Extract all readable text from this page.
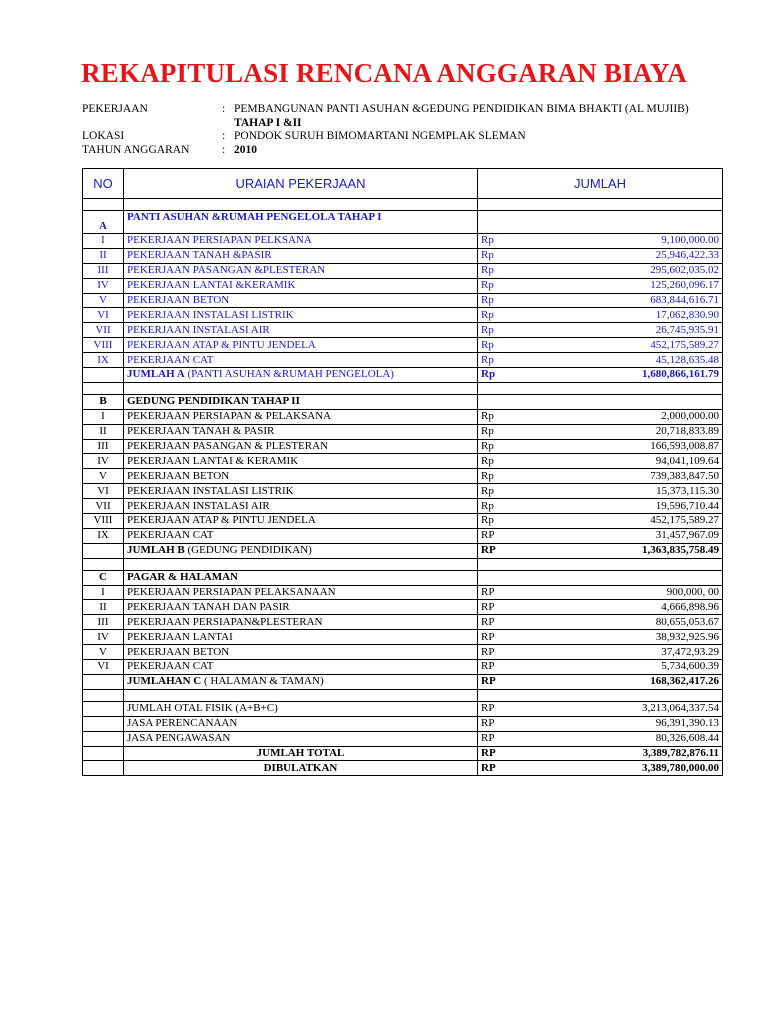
REKAPITULASI RENCANA ANGGARAN BIAYA
PEKERJAAN	: PEMBANGUNAN PANTI ASUHAN &GEDUNG PENDIDIKAN BIMA BHAKTI (AL MUJIIB)
TAHAP I &II
LOKASI	: PONDOK SURUH BIMOMARTANI NGEMPLAK SLEMAN
TAHUN ANGGARAN	: 2010
NO	URAIAN PEKERJAAN	JUMLAH

A	PANTI ASUHAN &RUMAH PENGELOLA TAHAP I	
I	PEKERJAAN PERSIAPAN PELKSANA	Rp 9,100,000.00

II	PEKERJAAN TANAH &PASIR	Rp 25,946,422.33

III	PEKERJAAN PASANGAN &PLESTERAN	Rp 295,602,035.02

IV	PEKERJAAN LANTAI &KERAMIK	Rp 125,260,096.17

V	PEKERJAAN BETON	Rp 683,844,616.71

VI	PEKERJAAN INSTALASI LISTRIK	Rp 17,062,830.90

VII	PEKERJAAN INSTALASI AIR	Rp 26,745,935.91

VIII	PEKERJAAN ATAP & PINTU JENDELA	Rp 452,175,589.27

IX	PEKERJAAN CAT	Rp 45,128,635.48

	JUMLAH A (PANTI ASUHAN &RUMAH PENGELOLA)	Rp 1,680,866,161.79

B	GEDUNG PENDIDIKAN TAHAP II	
I	PEKERJAAN PERSIAPAN & PELAKSANA	Rp 2,000,000.00

II	PEKERJAAN TANAH & PASIR	Rp 20,718,833.89

III	PEKERJAAN PASANGAN & PLESTERAN	Rp 166,593,008.87

IV	PEKERJAAN LANTAI & KERAMIK	Rp 94,041,109.64

V	PEKERJAAN BETON	Rp 739,383,847.50

VI	PEKERJAAN INSTALASI LISTRIK	Rp 15,373,115.30

VII	PEKERJAAN INSTALASI AIR	Rp 19,596,710.44

VIII	PEKERJAAN ATAP & PINTU JENDELA	Rp 452,175,589.27

IX	PEKERJAAN CAT	RP 31,457,967.09

	JUMLAH B (GEDUNG PENDIDIKAN)	RP 1,363,835,758.49

C	PAGAR & HALAMAN	
I	PEKERJAAN PERSIAPAN PELAKSANAAN	RP 900,000, 00

II	PEKERJAAN TANAH DAN PASIR	RP 4,666,898.96

III	PEKERJAAN PERSIAPAN&PLESTERAN	RP 80,655,053.67

IV	PEKERJAAN LANTAI	RP 38,932,925.96

V	PEKERJAAN BETON	RP 37,472,93.29

VI	PEKERJAAN CAT	RP 5,734,600.39

	JUMLAHAN C ( HALAMAN & TAMAN)	RP 168,362,417.26

	JUMLAH OTAL FISIK (A+B+C)	RP 3,213,064,337.54

	JASA PERENCANAAN	RP 96,391,390.13

	JASA PENGAWASAN	RP 80,326,608.44

	JUMLAH TOTAL	RP 3,389,782,876.11

	DIBULATKAN	RP 3,389,780,000.00
